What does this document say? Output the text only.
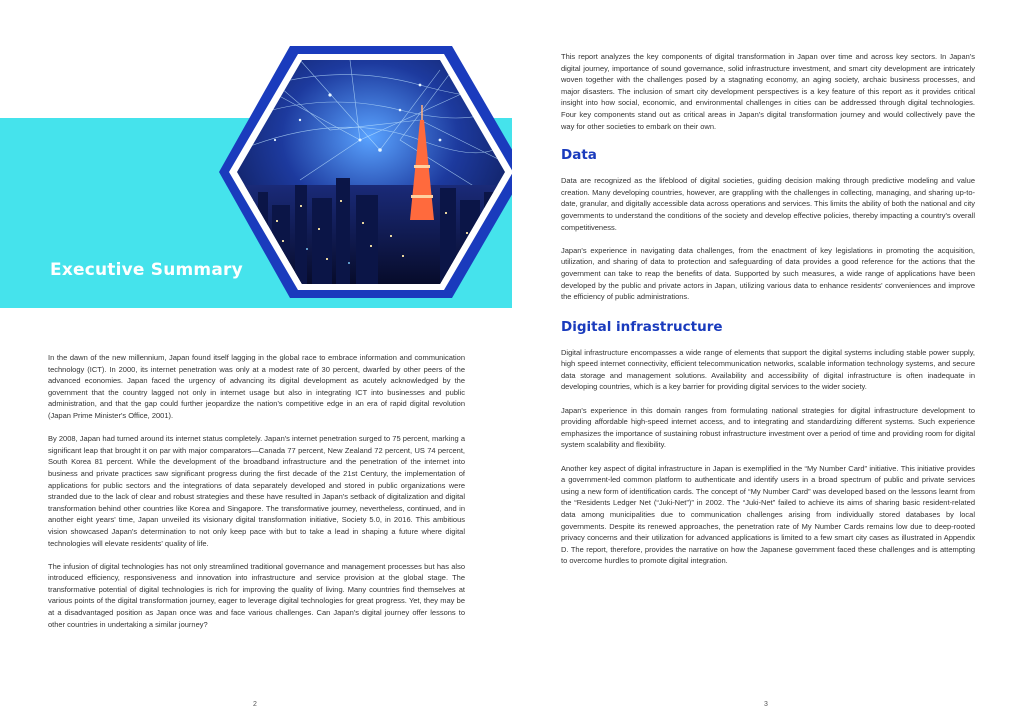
Executive Summary

In the dawn of the new millennium, Japan found itself lagging in the global race to embrace information and communication technology (ICT). In 2000, its internet penetration was only at a modest rate of 30 percent, dwarfed by other peers of the advanced economies. Japan faced the urgency of advancing its digital development as acutely acknowledged by the government that the country lagged not only in internet usage but also in integrating ICT into businesses and public administration, and that the gap could further jeopardize the nation's competitive edge in an era of rapid digital revolution (Japan Prime Minister's Office, 2001).

By 2008, Japan had turned around its internet status completely. Japan's internet penetration surged to 75 percent, marking a significant leap that brought it on par with major comparators—Canada 77 percent, New Zealand 72 percent, US 74 percent, South Korea 81 percent. While the development of the broadband infrastructure and the penetration of the internet into business and private practices saw significant progress during the first decade of the 21st Century, the implementation of applications for public sectors and the integrations of data separately developed and stored in public organizations were stranded due to the lack of clear and robust strategies and these have resulted in Japan's setback of digitalization and digital transformation behind other countries like Korea and Singapore. The transformative journey, nevertheless, continued, and in another eight years' time, Japan unveiled its visionary digital transformation initiative, Society 5.0, in 2016. This ambitious vision showcased Japan's determination to not only keep pace with but to take a lead in shaping a future where digital technologies will elevate residents' quality of life.

The infusion of digital technologies has not only streamlined traditional governance and management processes but has also introduced efficiency, responsiveness and innovation into infrastructure and service provision at the global stage. The transformative potential of digital technologies is rich for improving the quality of living. Many countries find themselves at various points of the digital transformation journey, eager to leverage digital technologies for great progress. Yet, they may be at a disadvantaged position as Japan once was and face various challenges. Can Japan's digital journey offer lessons to other countries in undertaking a similar journey?

2

This report analyzes the key components of digital transformation in Japan over time and across key sectors. In Japan's digital journey, importance of sound governance, solid infrastructure investment, and smart city development are intricately woven together with the challenges posed by a stagnating economy, an aging society, archaic business processes, and major disasters. The inclusion of smart city development perspectives is a key feature of this report as it provides critical insight into how social, economic, and environmental challenges in cities can be addressed through digital technologies. Four key components stand out as critical areas in Japan's digital transformation journey and would collectively pave the way for other societies to embark on their own.

Data

Data are recognized as the lifeblood of digital societies, guiding decision making through predictive modeling and value creation. Many developing countries, however, are grappling with the challenges in collecting, managing, and sharing up-to-date, granular, and digitally accessible data across operations and services. This limits the ability of both the national and city governments to understand the conditions of the society and develop effective policies, thereby impacting a country's overall competitiveness.

Japan's experience in navigating data challenges, from the enactment of key legislations in promoting the acquisition, utilization, and sharing of data to protection and safeguarding of data provides a good reference for the actions that the government can take to reap the benefits of data. Supported by such measures, a wide range of applications have been developed by the public and private actors in Japan, utilizing various data to enhance residents' conveniences and improve the efficiency of public administrations.

Digital infrastructure

Digital infrastructure encompasses a wide range of elements that support the digital systems including stable power supply, high speed internet connectivity, efficient telecommunication networks, scalable information technology systems, and secure data storage and management solutions. Availability and accessibility of digital infrastructure is often inadequate in developing countries, which is a key barrier for providing digital services to the wider society.

Japan's experience in this domain ranges from formulating national strategies for digital infrastructure development to providing affordable high-speed internet access, and to integrating and standardizing different systems. Such experience emphasizes the importance of sustaining robust infrastructure investment over a period of time and providing room for digital system scalability and flexibility.

Another key aspect of digital infrastructure in Japan is exemplified in the “My Number Card” initiative. This initiative provides a government-led common platform to authenticate and identify users in a broad spectrum of public and private services using a new form of identification cards. The concept of “My Number Card” was developed based on the lessons learnt from the “Residents Ledger Net (“Juki-Net”)” in 2002. The “Juki-Net” failed to achieve its aims of sharing basic resident-related data among municipalities due to communication challenges arising from individually stored databases by local governments. Despite its renewed approaches, the penetration rate of My Number Cards remains low due to deep-rooted privacy concerns and their utilization for advanced applications is limited to a few smart city cases as illustrated in Appendix D. The report, therefore, provides the narrative on how the Japanese government faced these challenges and is attempting to overcome hurdles to promote digital integration.

3
